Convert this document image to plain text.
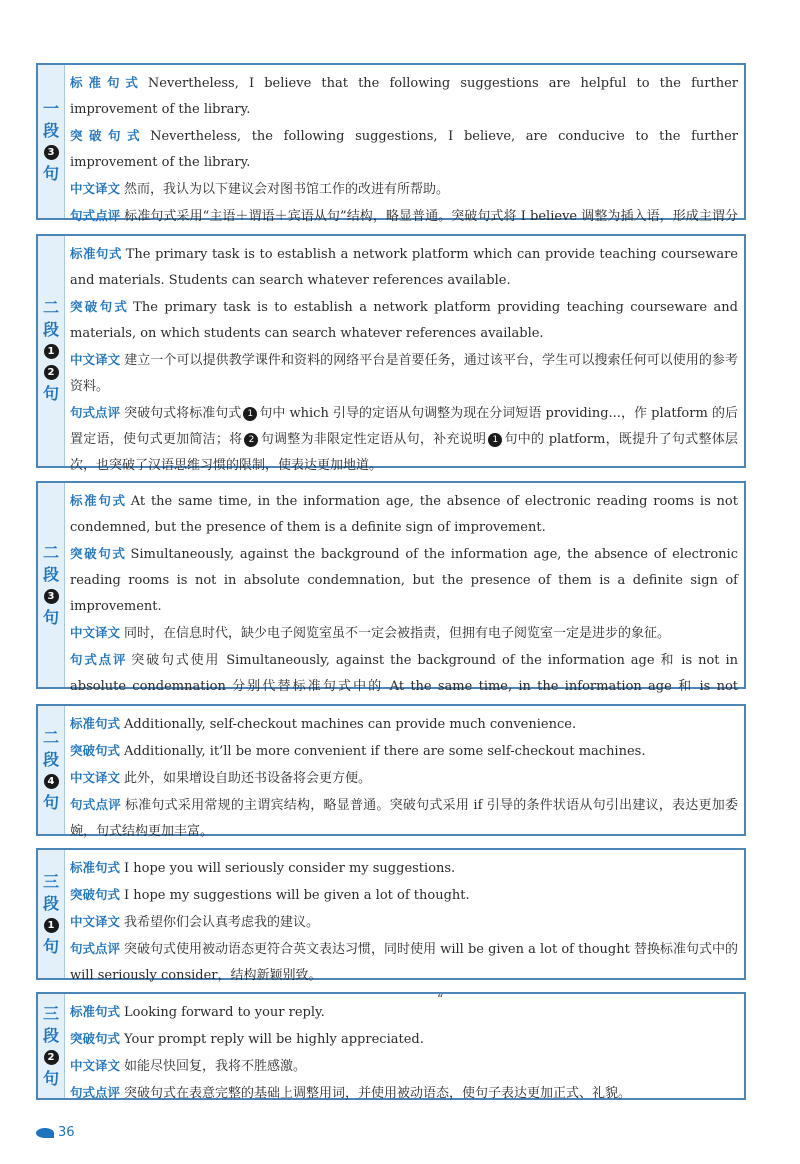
一
段
3
句

标准句式 Nevertheless, I believe that the following suggestions are helpful to the further improvement of the library.

突破句式 Nevertheless, the following suggestions, I believe, are conducive to the further improvement of the library.

中文译文 然而，我认为以下建议会对图书馆工作的改进有所帮助。

句式点评 标准句式采用“主语＋谓语＋宾语从句”结构，略显普通。突破句式将 I believe 调整为插入语，形成主谓分

二
段
1
2
句

标准句式 The primary task is to establish a network platform which can provide teaching courseware and materials. Students can search whatever references available.

突破句式 The primary task is to establish a network platform providing teaching courseware and materials, on which students can search whatever references available.

中文译文 建立一个可以提供教学课件和资料的网络平台是首要任务，通过该平台，学生可以搜索任何可以使用的参考资料。

句式点评 突破句式将标准句式 1 句中 which 引导的定语从句调整为现在分词短语 providing...，作 platform 的后置定语，使句式更加简洁；将 2 句调整为非限定性定语从句，补充说明 1 句中的 platform，既提升了句式整体层次，也突破了汉语思维习惯的限制，使表达更加地道。

二
段
3
句

标准句式 At the same time, in the information age, the absence of electronic reading rooms is not condemned, but the presence of them is a definite sign of improvement.

突破句式 Simultaneously, against the background of the information age, the absence of electronic reading rooms is not in absolute condemnation, but the presence of them is a definite sign of improvement.

中文译文 同时，在信息时代，缺少电子阅览室虽不一定会被指责，但拥有电子阅览室一定是进步的象征。

句式点评 突破句式使用 Simultaneously, against the background of the information age 和 is not in absolute condemnation 分别代替标准句式中的 At the same time, in the information age 和 is not

二
段
4
句

标准句式 Additionally, self-checkout machines can provide much convenience.

突破句式 Additionally, it’ll be more convenient if there are some self-checkout machines.

中文译文 此外，如果增设自助还书设备将会更方便。

句式点评 标准句式采用常规的主谓宾结构，略显普通。突破句式采用 if 引导的条件状语从句引出建议，表达更加委婉，句式结构更加丰富。

三
段
1
句

标准句式 I hope you will seriously consider my suggestions.

突破句式 I hope my suggestions will be given a lot of thought.

中文译文 我希望你们会认真考虑我的建议。

句式点评 突破句式使用被动语态更符合英文表达习惯，同时使用 will be given a lot of thought 替换标准句式中的 will seriously consider，结构新颖别致。

三
段
2
句

标准句式 Looking forward to your reply.

突破句式 Your prompt reply will be highly appreciated.

中文译文 如能尽快回复，我将不胜感激。

句式点评 突破句式在表意完整的基础上调整用词，并使用被动语态，使句子表达更加正式、礼貌。

“
36
